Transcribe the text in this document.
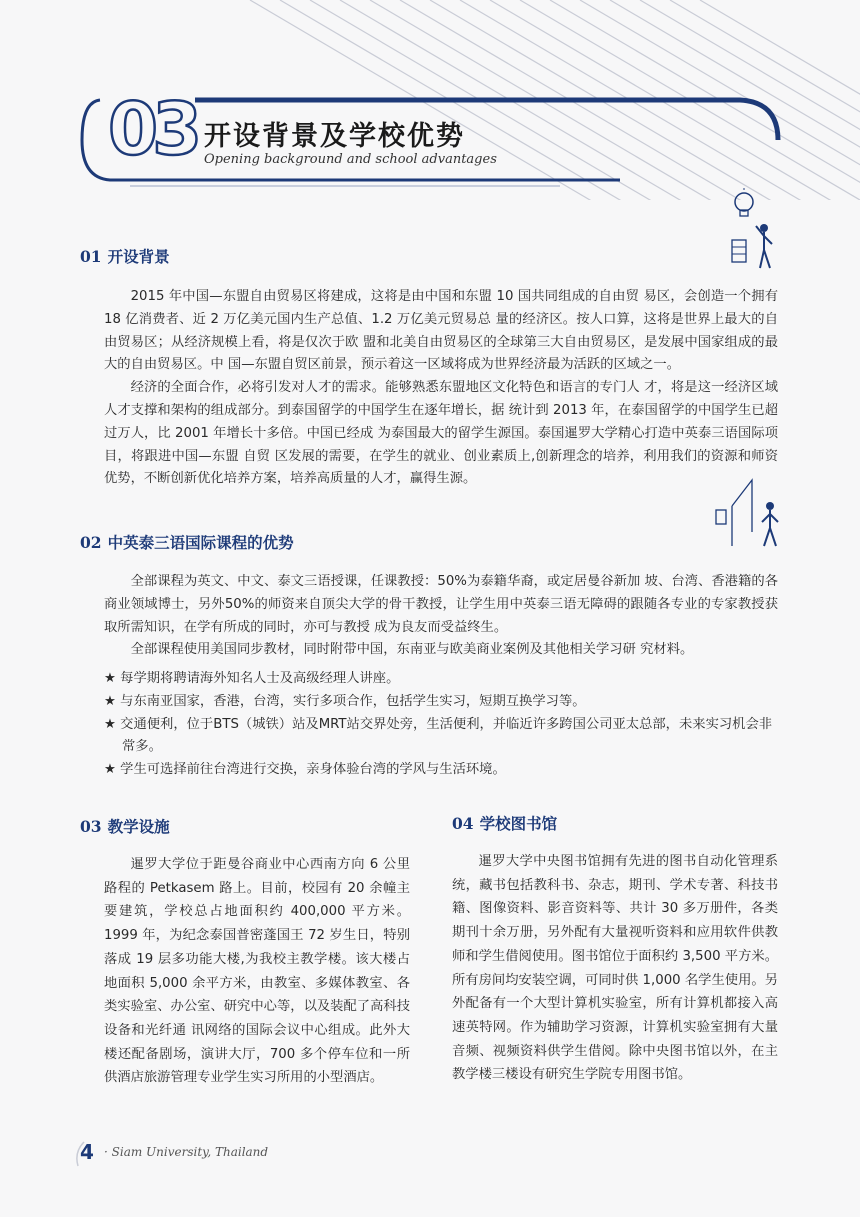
03 开设背景及学校优势
Opening background and school advantages
01 开设背景

2015 年中国—东盟自由贸易区将建成，这将是由中国和东盟 10 国共同组成的自由贸 易区，会创造一个拥有 18 亿消费者、近 2 万亿美元国内生产总值、1.2 万亿美元贸易总 量的经济区。按人口算，这将是世界上最大的自由贸易区；从经济规模上看，将是仅次于欧 盟和北美自由贸易区的全球第三大自由贸易区，是发展中国家组成的最大的自由贸易区。中 国—东盟自贸区前景，预示着这一区域将成为世界经济最为活跃的区域之一。

经济的全面合作，必将引发对人才的需求。能够熟悉东盟地区文化特色和语言的专门人 才，将是这一经济区域人才支撑和架构的组成部分。到泰国留学的中国学生在逐年增长，据 统计到 2013 年，在泰国留学的中国学生已超过万人，比 2001 年增长十多倍。中国已经成 为泰国最大的留学生源国。泰国暹罗大学精心打造中英泰三语国际项目，将跟进中国—东盟 自贸 区发展的需要，在学生的就业、创业素质上,创新理念的培养，利用我们的资源和师资优势，不断创新优化培养方案，培养高质量的人才，赢得生源。

02 中英泰三语国际课程的优势

全部课程为英文、中文、泰文三语授课，任课教授：50%为泰籍华裔，或定居曼谷新加 坡、台湾、香港籍的各商业领域博士，另外50%的师资来自顶尖大学的骨干教授，让学生用中英泰三语无障碍的跟随各专业的专家教授获取所需知识，在学有所成的同时，亦可与教授 成为良友而受益终生。

全部课程使用美国同步教材，同时附带中国，东南亚与欧美商业案例及其他相关学习研 究材料。

★ 每学期将聘请海外知名人士及高级经理人讲座。
★ 与东南亚国家，香港，台湾，实行多项合作，包括学生实习，短期互换学习等。
★ 交通便利，位于BTS（城铁）站及MRT站交界处旁，生活便利，并临近许多跨国公司亚太总部，未来实习机会非常多。
★ 学生可选择前往台湾进行交换，亲身体验台湾的学风与生活环境。
03 教学设施

暹罗大学位于距曼谷商业中心西南方向 6 公里路程的 Petkasem 路上。目前，校园有 20 余幢主要建筑，学校总占地面积约 400,000 平方米。1999 年，为纪念泰国普密蓬国王 72 岁生日，特别落成 19 层多功能大楼,为我校主教学楼。该大楼占地面积 5,000 余平方米，由教室、多媒体教室、各类实验室、办公室、研究中心等，以及装配了高科技设备和光纤通 讯网络的国际会议中心组成。此外大楼还配备剧场，演讲大厅，700 多个停车位和一所供酒店旅游管理专业学生实习所用的小型酒店。

04 学校图书馆

暹罗大学中央图书馆拥有先进的图书自动化管理系统，藏书包括教科书、杂志，期刊、学术专著、科技书籍、图像资料、影音资料等、共计 30 多万册件，各类期刊十余万册，另外配有大量视听资料和应用软件供教师和学生借阅使用。图书馆位于面积约 3,500 平方米。所有房间均安装空调，可同时供 1,000 名学生使用。另外配备有一个大型计算机实验室，所有计算机都接入高速英特网。作为辅助学习资源，计算机实验室拥有大量音频、视频资料供学生借阅。除中央图书馆以外，在主教学楼三楼设有研究生学院专用图书馆。

4 · Siam University, Thailand
